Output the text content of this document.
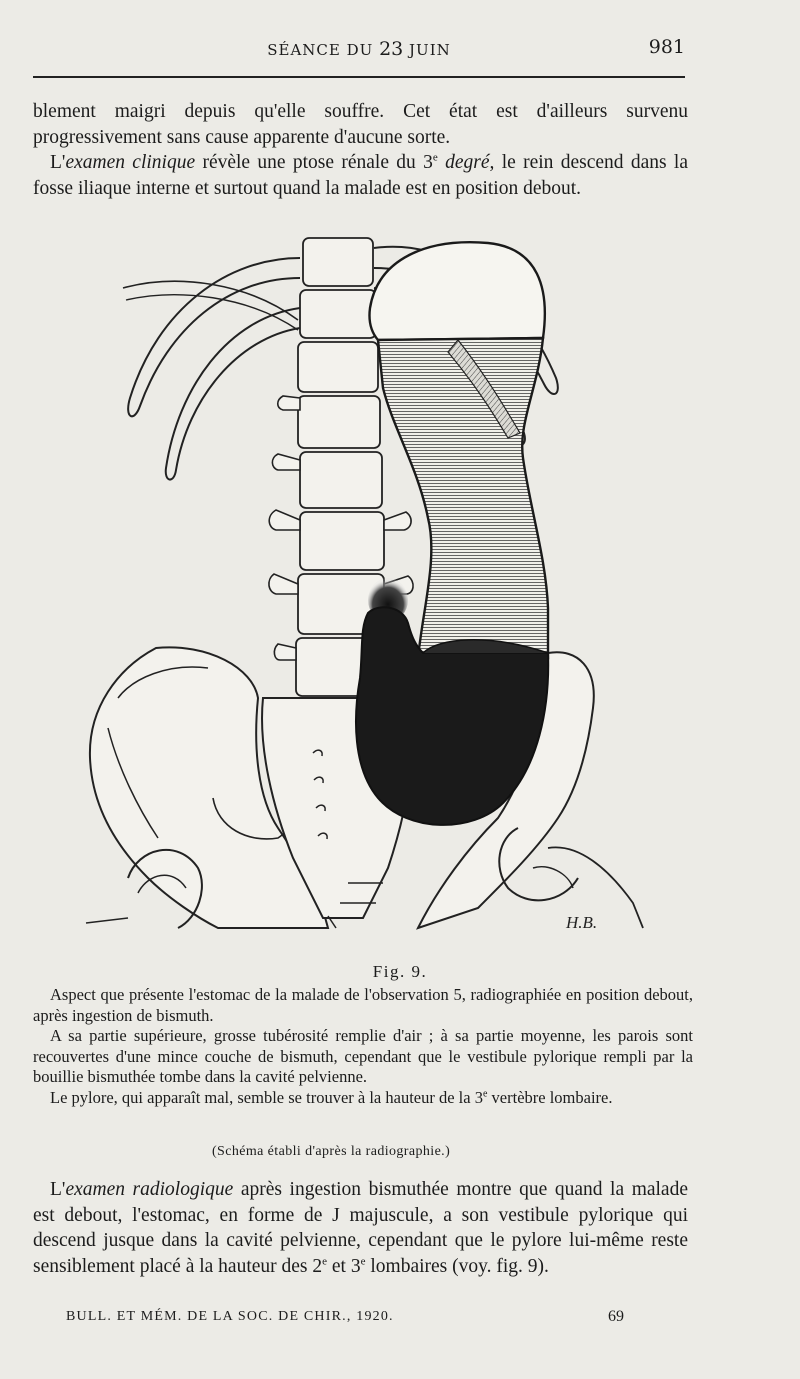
SÉANCE DU 23 JUIN	981

blement maigri depuis qu'elle souffre. Cet état est d'ailleurs survenu progressivement sans cause apparente d'aucune sorte.

L'examen clinique révèle une ptose rénale du 3e degré, le rein descend dans la fosse iliaque interne et surtout quand la malade est en position debout.

H.B.
Fig. 9.

Aspect que présente l'estomac de la malade de l'observation 5, radiographiée en position debout, après ingestion de bismuth.

A sa partie supérieure, grosse tubérosité remplie d'air ; à sa partie moyenne, les parois sont recouvertes d'une mince couche de bismuth, cependant que le vestibule pylorique rempli par la bouillie bismuthée tombe dans la cavité pelvienne.

Le pylore, qui apparaît mal, semble se trouver à la hauteur de la 3e vertèbre lombaire.

(Schéma établi d'après la radiographie.)

L'examen radiologique après ingestion bismuthée montre que quand la malade est debout, l'estomac, en forme de J majuscule, a son vestibule pylorique qui descend jusque dans la cavité pelvienne, cependant que le pylore lui-même reste sensiblement placé à la hauteur des 2e et 3e lombaires (voy. fig. 9).

BULL. ET MÉM. DE LA SOC. DE CHIR., 1920.	69
